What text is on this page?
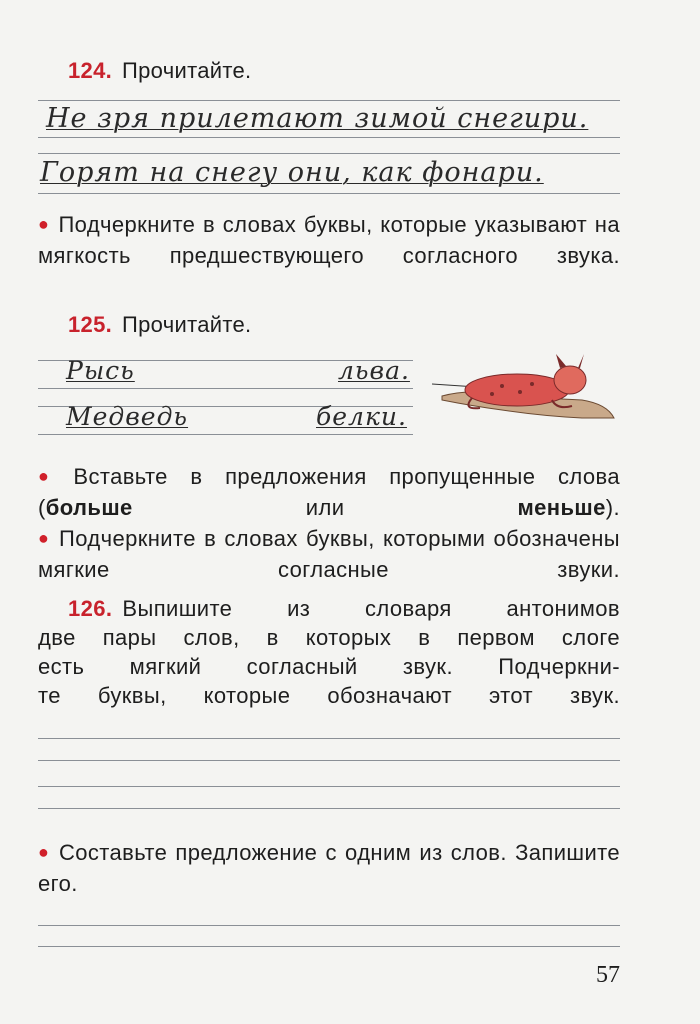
124. Прочитайте.
Не зря прилетают зимой снегири.
Горят на снегу они, как фонари.
● Подчеркните в словах буквы, которые указывают на мягкость предшествующего согласного звука.
125. Прочитайте.
Рысь	льва.
Медведь	белки.
● Вставьте в предложения пропущенные слова (больше или меньше).
● Подчеркните в словах буквы, которыми обозначены мягкие согласные звуки.
126. Выпишите из словаря антонимов
две пары слов, в которых в первом слоге
есть мягкий согласный звук. Подчеркни-
те буквы, которые обозначают этот звук.
● Составьте предложение с одним из слов. Запишите его.
57
